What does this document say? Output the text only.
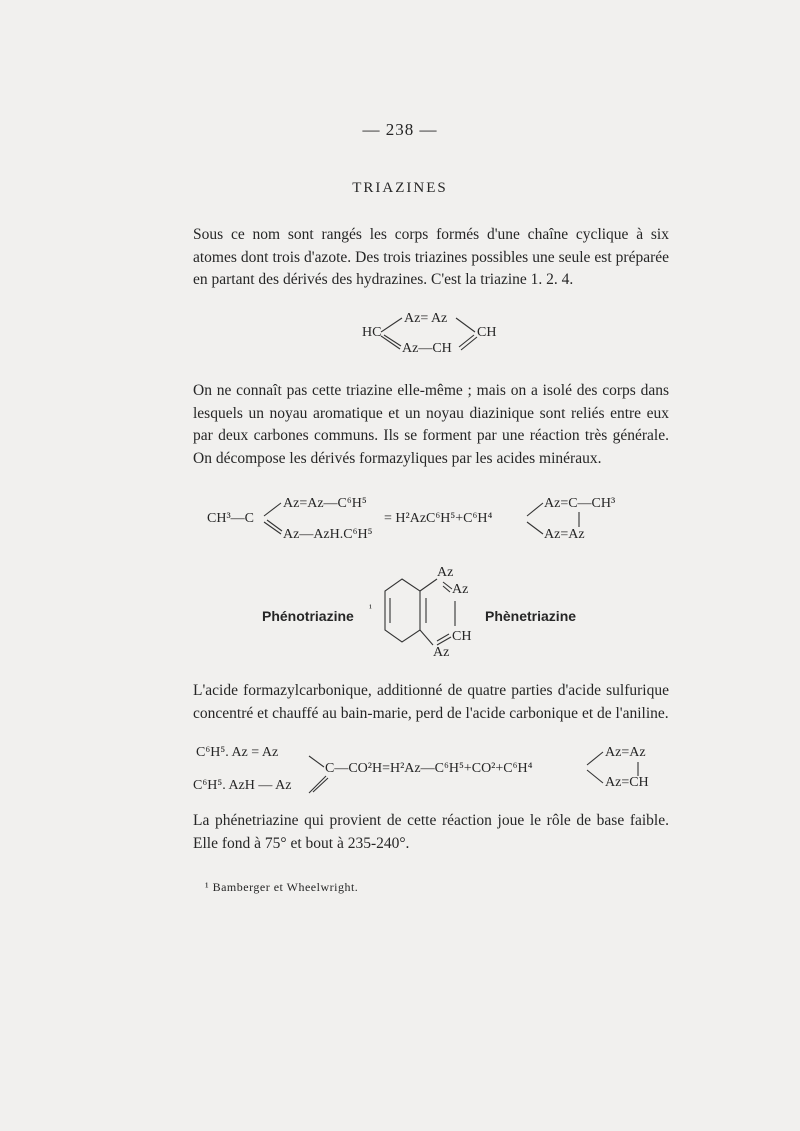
— 238 —
TRIAZINES
Sous ce nom sont rangés les corps formés d'une chaîne cyclique à six atomes dont trois d'azote. Des trois triazines possibles une seule est préparée en partant des dérivés des hydrazines. C'est la triazine 1. 2. 4.
Az= Az
HC	CH
Az—CH
On ne connaît pas cette triazine elle-même ; mais on a isolé des corps dans lesquels un noyau aromatique et un noyau diazinique sont reliés entre eux par deux carbones communs. Ils se forment par une réaction très générale. On décompose les dérivés formazyliques par les acides minéraux.
CH³—C
Az=Az—C⁶H⁵
Az—AzH.C⁶H⁵
= H²AzC⁶H⁵+C⁶H⁴
Az=C—CH³
Az=Az
Phénotriazine ¹	Phènetriazine
Az
Az
CH
Az
L'acide formazylcarbonique, additionné de quatre parties d'acide sulfurique concentré et chauffé au bain-marie, perd de l'acide carbonique et de l'aniline.
C⁶H⁵. Az = Az
C⁶H⁵. AzH — Az
C—CO²H=H²Az—C⁶H⁵+CO²+C⁶H⁴
Az=Az
Az=CH
La phénetriazine qui provient de cette réaction joue le rôle de base faible. Elle fond à 75° et bout à 235-240°.
¹ Bamberger et Wheelwright.
